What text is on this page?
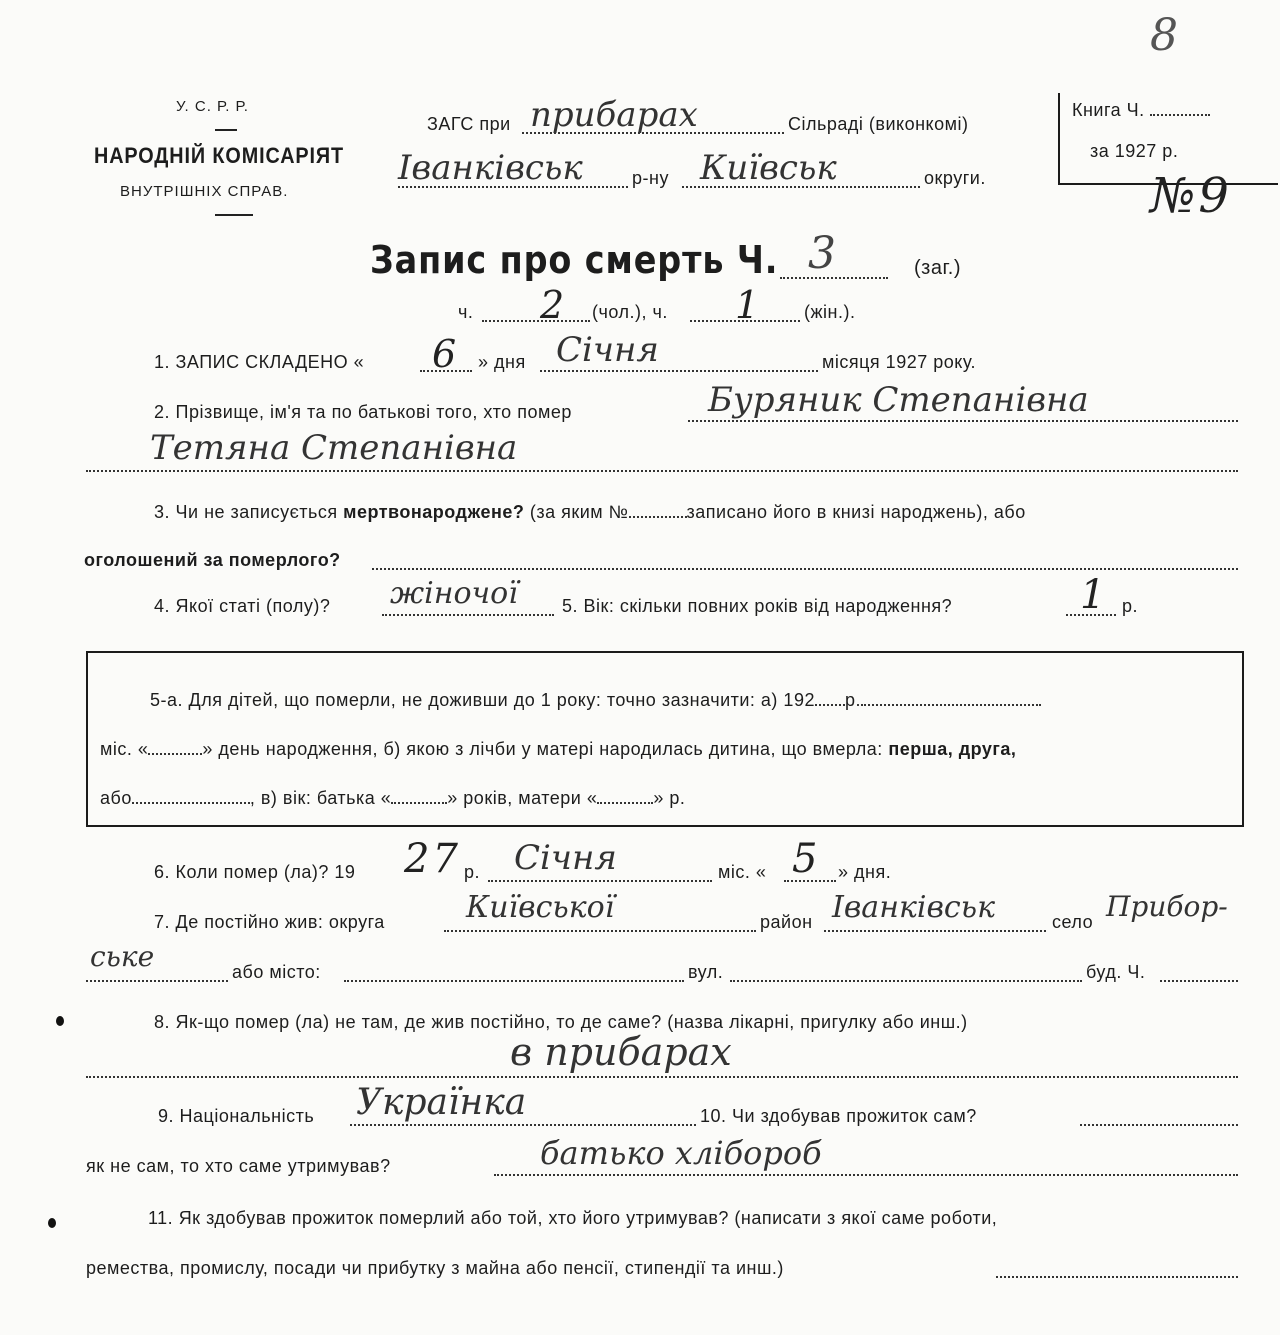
8
Книга Ч.
за 1927 р.
№9
У. С. Р. Р.
НАРОДНІЙ КОМІСАРІЯТ
ВНУТРІШНІХ СПРАВ.
ЗАГС при прибарах	Сільраді (виконкомі)
Іванківськ	р-ну Київськ	округи.
Запис про смерть Ч. 3	(заг.)
ч. 2 (чол.), ч. 1 (жін.).
1. ЗАПИС СКЛАДЕНО « 6 » дня Січня	місяця 1927 року.
2. Прізвище, ім'я та по батькові того, хто помер	Буряник Степанівна
Тетяна Степанівна
3. Чи не записується мертвонароджене? (за яким №	записано його в книзі народжень), або
оголошений за померлого?
4. Якої статі (полу)? жіночої 5. Вік: скільки повних років від народження?	1 р.
5-а. Для дітей, що померли, не доживши до 1 року: точно зазначити: а) 192 р.
міс. «	» день народження, б) якою з лічби у матері народилась дитина, що вмерла: перша, друга,
або	, в) вік: батька «	» років, матери «	» р.
6. Коли помер (ла)? 19 27 р. Січня	міс. « 5 » дня.
7. Де постійно жив: округа	Київської	район Іванківськ	село Прибор-
ське	або місто:	вул.	буд. Ч.
8. Як-що помер (ла) не там, де жив постійно, то де саме? (назва лікарні, пригулку або инш.)
в прибарах
9. Національність Українка	10. Чи здобував прожиток сам?
як не сам, то хто саме утримував?	батько хлібороб
11. Як здобував прожиток померлий або той, хто його утримував? (написати з якої саме роботи,
ремества, промислу, посади чи прибутку з майна або пенсії, стипендії та инш.)
